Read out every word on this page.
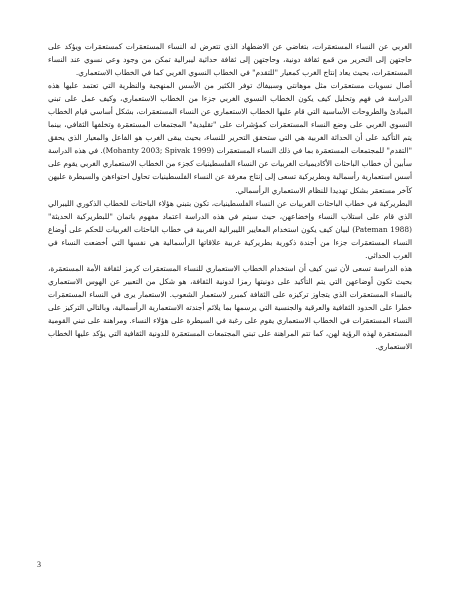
الغربي عن النساء المستعمَرات، بتغاضي عن الاضطهاد الذي تتعرض له النساء المستعمَرات كمستعمَرات ويؤكد على حاجتهن إلى التحرير من قمع ثقافة دونية، وحاجتهن إلى ثقافة حداثية ليبرالية تمكن من وجود وعي نسوي عند النساء المستعمَرات، بحيث يعاد إنتاج الغرب كمعيار "للتقدم" في الخطاب النسوي الغربي كما في الخطاب الاستعماري.

أصال نسويات مستعمَرات مثل موهانتي وسبيفاك توفر الكثير من الأسس المنهجية والنظرية التي تعتمد عليها هذه الدراسة في فهم وتحليل كيف يكون الخطاب النسوي الغربي جزءا من الخطاب الاستعماري، وكيف عمل على تبني المبادئ والطروحات الأساسية التي قام عليها الخطاب الاستعماري عن النساء المستعمَرات، بشكل أساسي قيام الخطاب النسوي الغربي على وضع النساء المستعمَرات كمؤشرات على "تقليدية" المجتمعات المستعمَرة وتخلفها الثقافي، بينما يتم التأكيد على أن الحداثة الغربية هي التي ستحقق التحرير للنساء، بحيث يبقى الغرب هو الفاعل والمعيار الذي يحقق "التقدم" للمجتمعات المستعمَرة بما في ذلك النساء المستعمَرات (Mohanty 2003; Spivak 1999). في هذه الدراسة سأبين أن خطاب الباحثات الأكاديميات الغربيات عن النساء الفلسطينيات كجزء من الخطاب الاستعماري الغربي يقوم على أسس استعمارية رأسمالية وبطريركية تسعى إلى إنتاج معرفة عن النساء الفلسطينيات تحاول احتواءهن والسيطرة عليهن كآخر مستعمَر بشكل تهديدا للنظام الاستعماري الرأسمالي.

البطريركية في خطاب الباحثات الغربيات عن النساء الفلسطينيات، تكون بتبني هؤلاء الباحثات للخطاب الذكوري الليبرالي الذي قام على استلاب النساء وإخضاعهن، حيث سيتم في هذه الدراسة اعتماد مفهوم باتمان "للبطريركية الحديثة" (Pateman 1988) لبيان كيف يكون استخدام المعايير الليبرالية الغربية في خطاب الباحثات الغربيات للحكم على أوضاع النساء المستعمَرات جزءا من أجندة ذكورية بطريركية غربية علاقاتها الرأسمالية هي نفسها التي أخضعت النساء في الغرب الحداثي.

هذه الدراسة تسعى لأن تبين كيف أن استخدام الخطاب الاستعماري للنساء المستعمَرات كرمز لثقافة الأمة المستعمَرة، بحيث تكون أوضاعهن التي يتم التأكيد على دونيتها رمزا لدونية الثقافة، هو شكل من التعبير عن الهوس الاستعماري بالنساء المستعمَرات الذي يتجاوز تركيزه على الثقافة كمبرر لاستعمار الشعوب. الاستعمار يرى في النساء المستعمَرات خطرا على الحدود الثقافية والعرقية والجنسية التي يرسمها بما يلائم أجندته الاستعمارية الرأسمالية، وبالتالي التركيز على النساء المستعمَرات في الخطاب الاستعماري يقوم على رغبة في السيطرة على هؤلاء النساء. ومراهنة على تبني القومية المستعمَرة لهذه الرؤية لهن، كما تتم المراهنة على تبني المجتمعات المستعمَرة للدونية الثقافية التي يؤكد عليها الخطاب الاستعماري.

3
